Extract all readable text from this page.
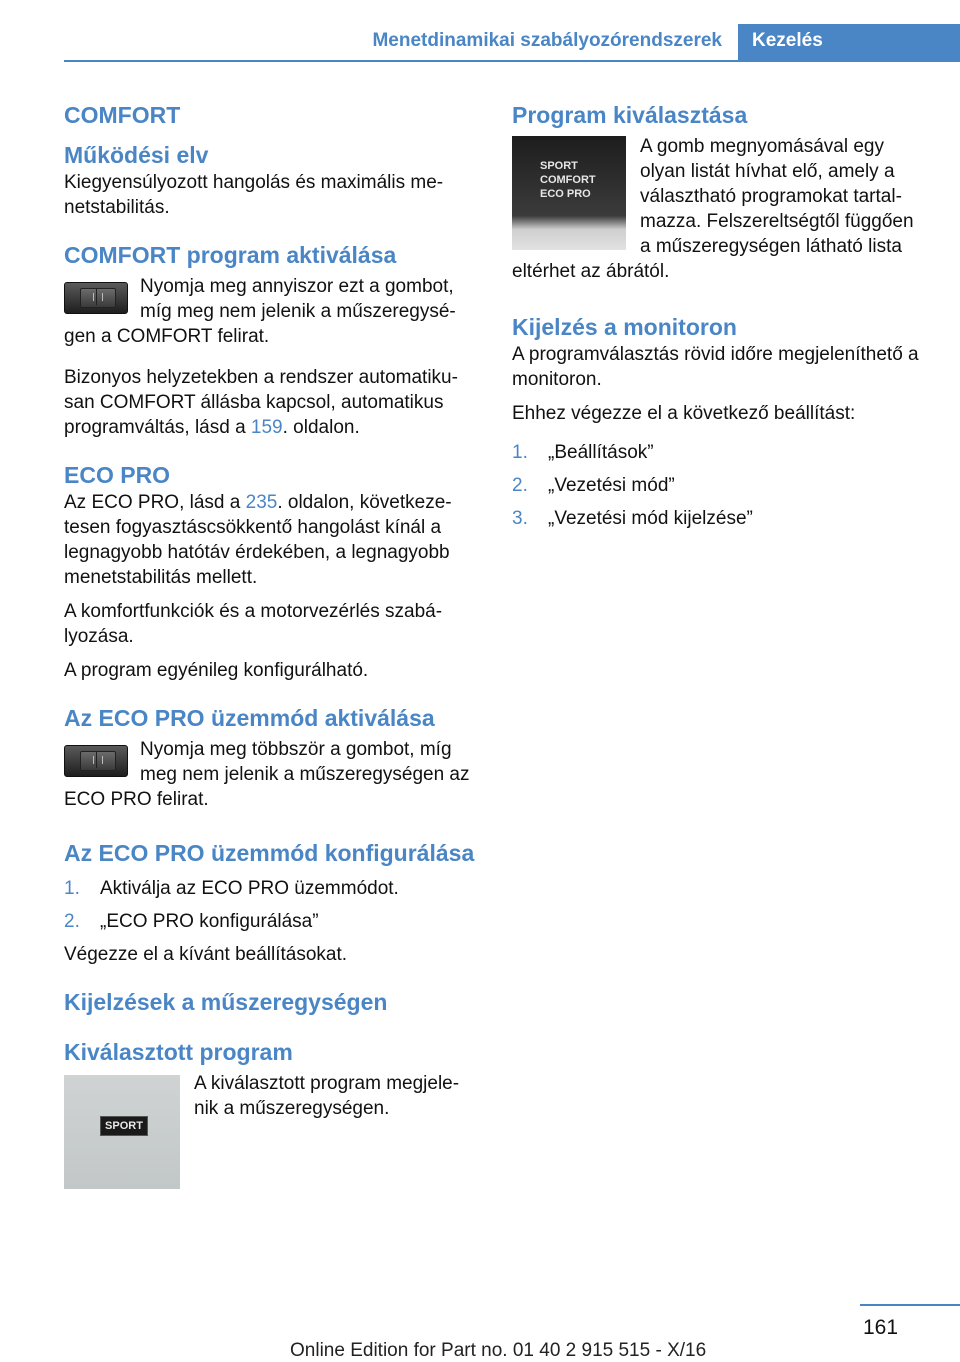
Menetdinamikai szabályozórendszerek Kezelés
COMFORT
Működési elv

Kiegyensúlyozott hangolás és maximális menetstabilitás.

COMFORT program aktiválása

Nyomja meg annyiszor ezt a gombot, míg meg nem jelenik a műszeregységen a COMFORT felirat.

Bizonyos helyzetekben a rendszer automatikusan COMFORT állásba kapcsol, automatikus programváltás, lásd a 159. oldalon.

ECO PRO

Az ECO PRO, lásd a 235. oldalon, következetesen fogyasztáscsökkentő hangolást kínál a legnagyobb hatótáv érdekében, a legnagyobb menetstabilitás mellett.

A komfortfunkciók és a motorvezérlés szabályozása.

A program egyénileg konfigurálható.

Az ECO PRO üzemmód aktiválása

Nyomja meg többször a gombot, míg meg nem jelenik a műszeregységen az ECO PRO felirat.

Az ECO PRO üzemmód konfigurálása
1.	Aktiválja az ECO PRO üzemmódot.
2.	„ECO PRO konfigurálása”

Végezze el a kívánt beállításokat.

Kijelzések a műszeregységen
Kiválasztott program
SPORT

A kiválasztott program megjelenik a műszeregységen.

Program kiválasztása
SPORT
COMFORT
ECO PRO

A gomb megnyomásával egy olyan listát hívhat elő, amely a választható programokat tartalmazza. Felszereltségtől függően a műszeregységen látható lista eltérhet az ábrától.

Kijelzés a monitoron

A programválasztás rövid időre megjeleníthető a monitoron.

Ehhez végezze el a következő beállítást:

1.	„Beállítások”
2.	„Vezetési mód”
3.	„Vezetési mód kijelzése”
161
Online Edition for Part no. 01 40 2 915 515 - X/16
